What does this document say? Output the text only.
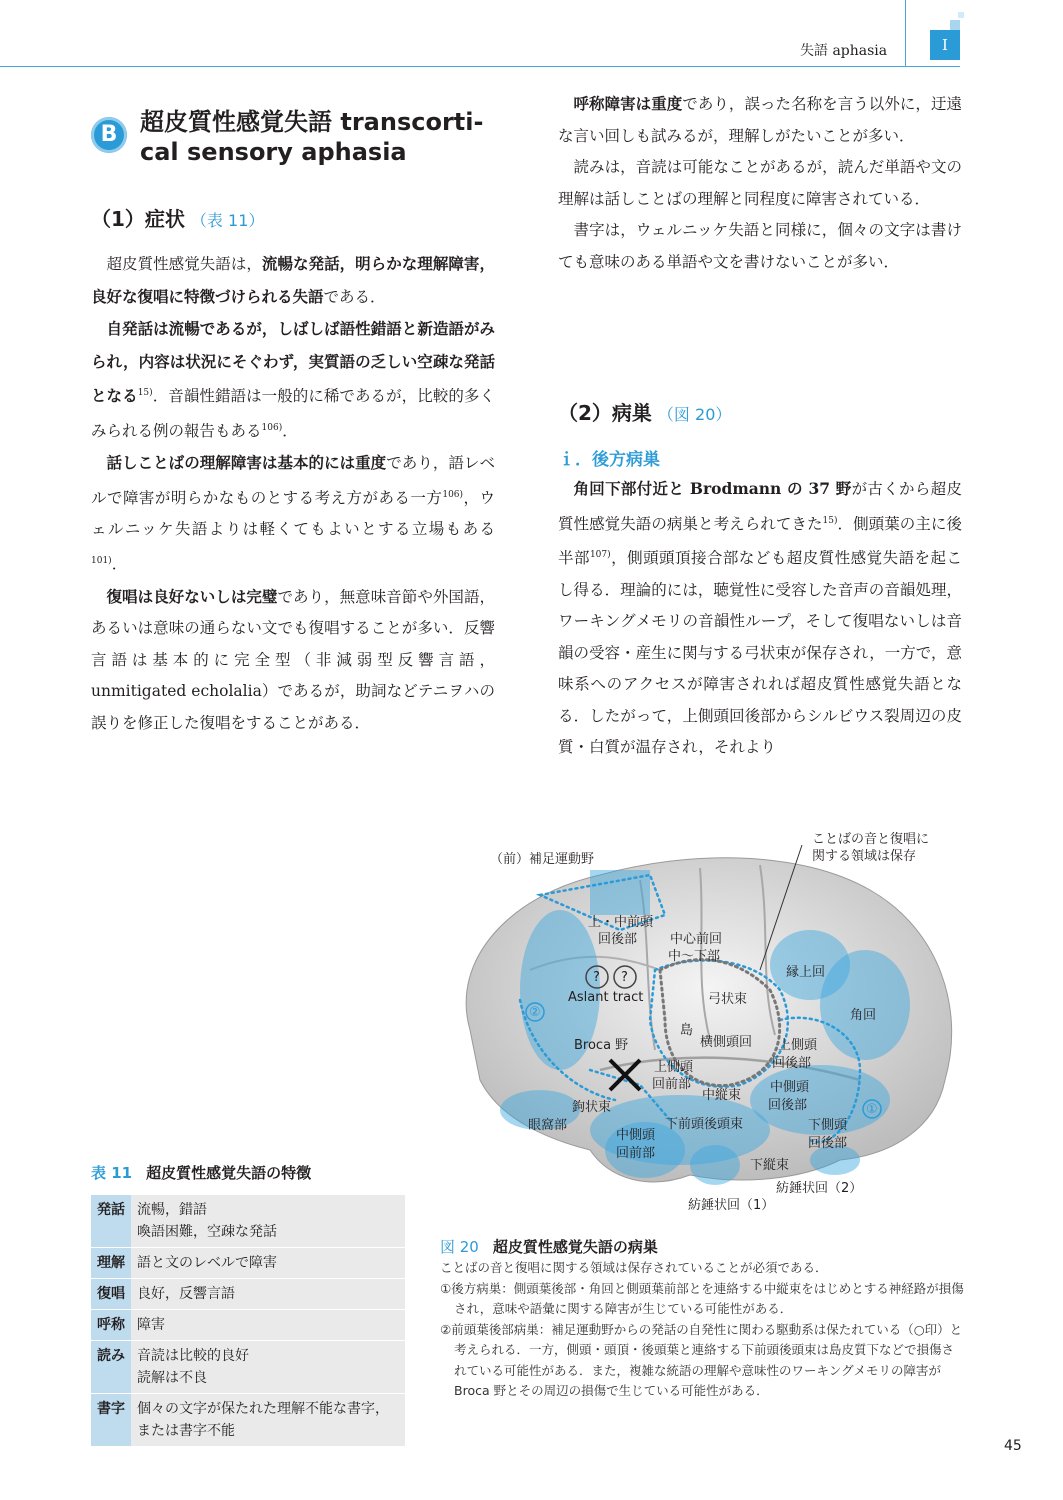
失語 aphasia	I
B 超皮質性感覚失語 transcorti-
cal sensory aphasia
（1）症状 （表 11）

超皮質性感覚失語は，流暢な発話，明らかな理解障害，良好な復唱に特徴づけられる失語である．

自発話は流暢であるが，しばしば語性錯語と新造語がみられ，内容は状況にそぐわず，実質語の乏しい空疎な発話となる$^{15)}$．音韻性錯語は一般的に稀であるが，比較的多くみられる例の報告もある$^{106)}$．

話しことばの理解障害は基本的には重度であり，語レベルで障害が明らかなものとする考え方がある一方$^{106)}$，ウェルニッケ失語よりは軽くてもよいとする立場もある$^{101)}$．

復唱は良好ないしは完璧であり，無意味音節や外国語，あるいは意味の通らない文でも復唱することが多い．反響言語は基本的に完全型（非減弱型反響言語，unmitigated echolalia）であるが，助詞などテニヲハの誤りを修正した復唱をすることがある．

呼称障害は重度であり，誤った名称を言う以外に，迂遠な言い回しも試みるが，理解しがたいことが多い．

読みは，音読は可能なことがあるが，読んだ単語や文の理解は話しことばの理解と同程度に障害されている．

書字は，ウェルニッケ失語と同様に，個々の文字は書けても意味のある単語や文を書けないことが多い．

（2）病巣 （図 20）
ｉ．後方病巣

角回下部付近と Brodmann の 37 野が古くから超皮質性感覚失語の病巣と考えられてきた$^{15)}$．側頭葉の主に後半部$^{107)}$，側頭頭頂接合部なども超皮質性感覚失語を起こし得る．理論的には，聴覚性に受容した音声の音韻処理，ワーキングメモリの音韻性ループ，そして復唱ないしは音韻の受容・産生に関与する弓状束が保存され，一方で，意味系へのアクセスが障害されれば超皮質性感覚失語となる．したがって，上側頭回後部からシルビウス裂周辺の皮質・白質が温存され，それより

（前）補足運動野
ことばの音と復唱に
関する領域は保存
上・中前頭
回後部	中心前回
中〜下部
縁上回
? ?
Aslant tract	弓状束
角回
②
島
Broca 野	横側頭回 上側頭
回後部
上側頭
回前部
中縦束
中側頭
回後部
鉤状束	①
眼窩部	下前頭後頭束	下側頭
回後部
中側頭
回前部
下縦束
紡錘状回（2）
紡錘状回（1）
図 20 超皮質性感覚失語の病巣
ことばの音と復唱に関する領域は保存されていることが必須である．
①後方病巣：側頭葉後部・角回と側頭葉前部とを連絡する中縦束をはじめとする神経路が損傷され，意味や語彙に関する障害が生じている可能性がある．
②前頭葉後部病巣：補足運動野からの発話の自発性に関わる駆動系は保たれている（○印）と考えられる．一方，側頭・頭頂・後頭葉と連絡する下前頭後頭束は島皮質下などで損傷されている可能性がある．また，複雑な統語の理解や意味性のワーキングメモリの障害が Broca 野とその周辺の損傷で生じている可能性がある．
表 11 超皮質性感覚失語の特徴
発話	流暢，錯語
喚語困難，空疎な発話
理解	語と文のレベルで障害
復唱	良好，反響言語
呼称	障害
読み	音読は比較的良好
読解は不良
書字	個々の文字が保たれた理解不能な書字，または書字不能
45
